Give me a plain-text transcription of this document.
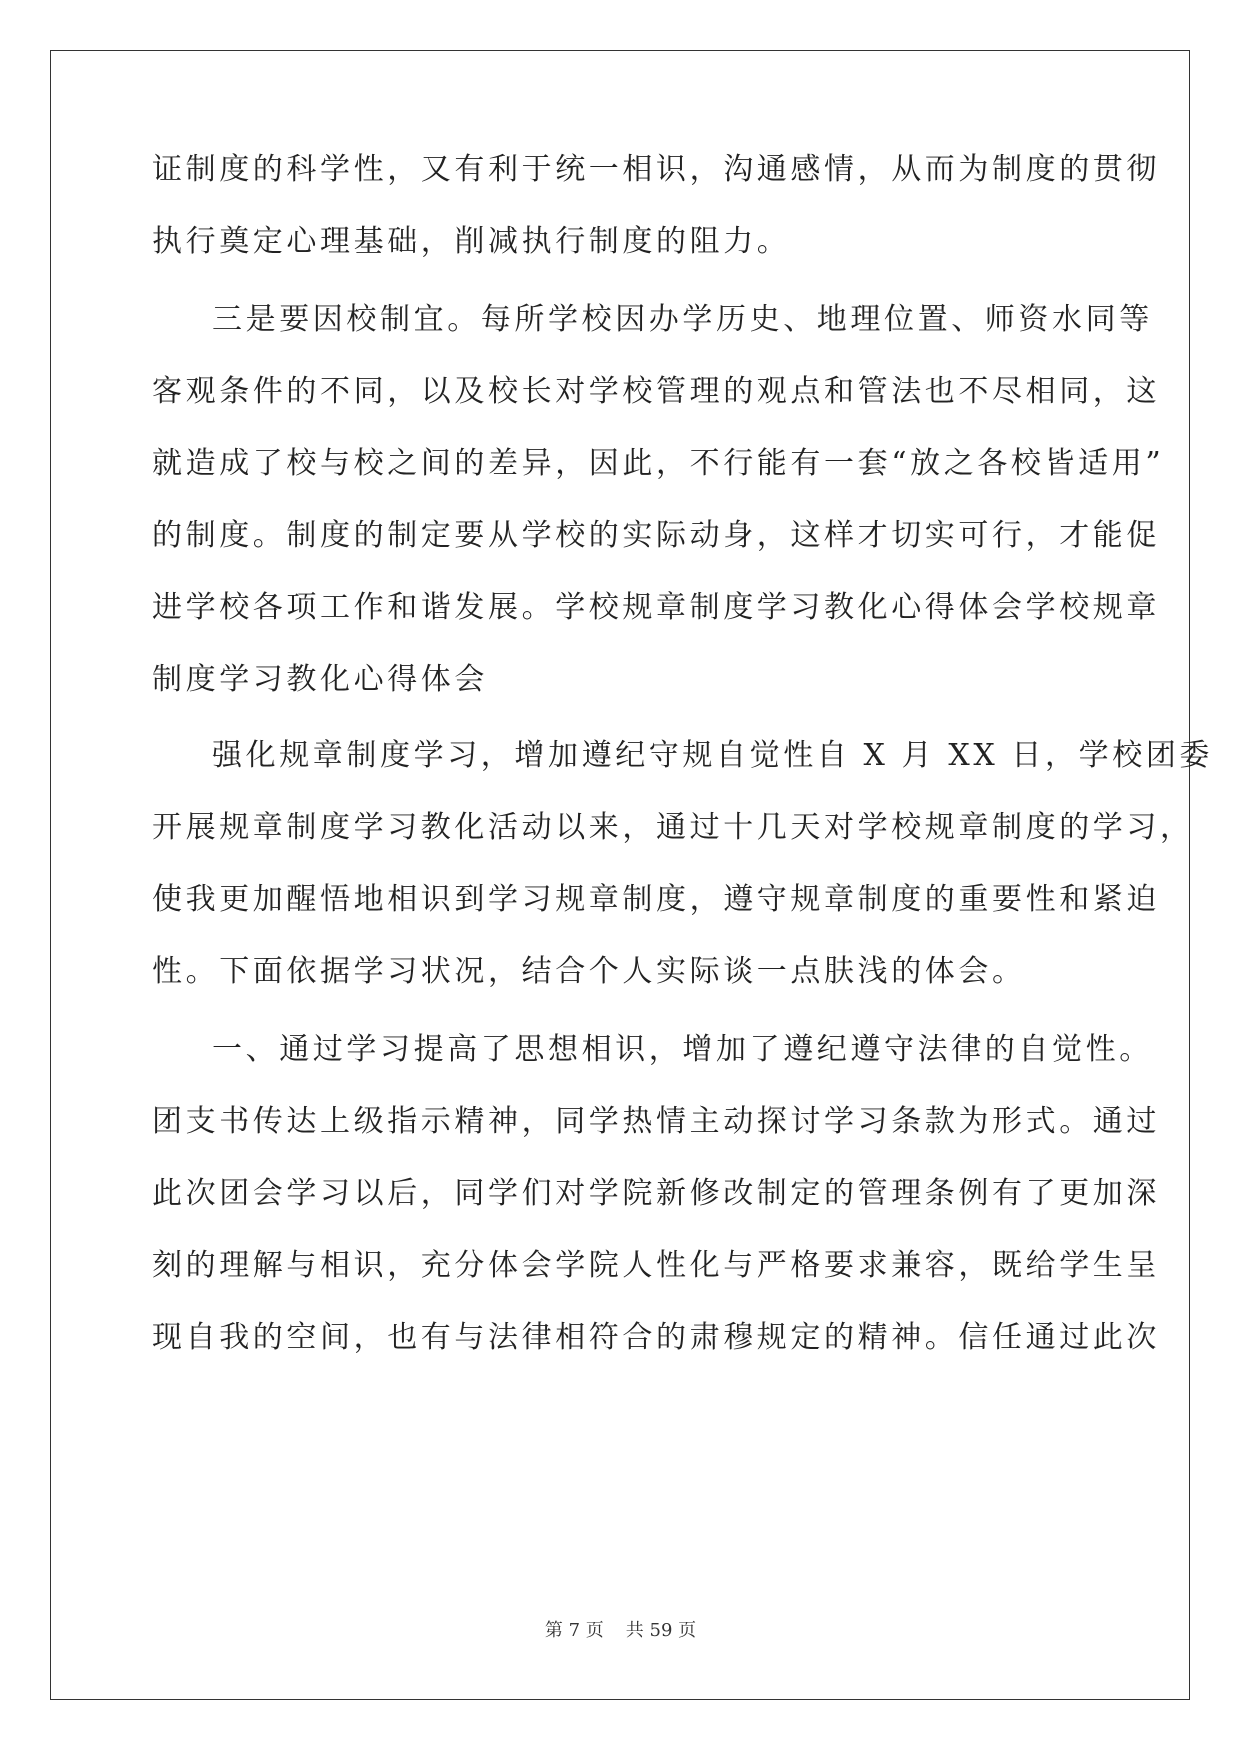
证制度的科学性，又有利于统一相识，沟通感情，从而为制度的贯彻
执行奠定心理基础，削减执行制度的阻力。
三是要因校制宜。每所学校因办学历史、地理位置、师资水同等
客观条件的不同，以及校长对学校管理的观点和管法也不尽相同，这
就造成了校与校之间的差异，因此，不行能有一套“放之各校皆适用”
的制度。制度的制定要从学校的实际动身，这样才切实可行，才能促
进学校各项工作和谐发展。学校规章制度学习教化心得体会学校规章
制度学习教化心得体会
强化规章制度学习，增加遵纪守规自觉性自 X 月 XX 日，学校团委
开展规章制度学习教化活动以来，通过十几天对学校规章制度的学习，
使我更加醒悟地相识到学习规章制度，遵守规章制度的重要性和紧迫
性。下面依据学习状况，结合个人实际谈一点肤浅的体会。
一、通过学习提高了思想相识，增加了遵纪遵守法律的自觉性。
团支书传达上级指示精神，同学热情主动探讨学习条款为形式。通过
此次团会学习以后，同学们对学院新修改制定的管理条例有了更加深
刻的理解与相识，充分体会学院人性化与严格要求兼容，既给学生呈
现自我的空间，也有与法律相符合的肃穆规定的精神。信任通过此次
第 7 页 共 59 页
